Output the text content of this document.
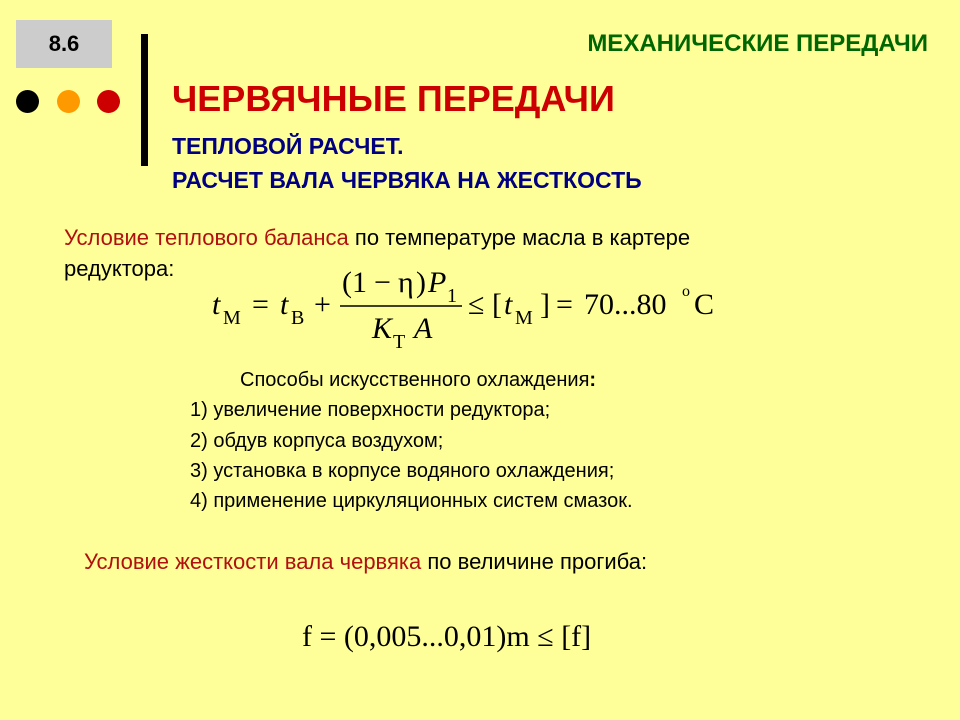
8.6	МЕХАНИЧЕСКИЕ ПЕРЕДАЧИ
ЧЕРВЯЧНЫЕ ПЕРЕДАЧИ
ТЕПЛОВОЙ РАСЧЕТ.
РАСЧЕТ ВАЛА ЧЕРВЯКА НА ЖЕСТКОСТЬ
Условие теплового баланса по температуре масла в картере
редуктора:
t М = t В +
(1 − η ) P 1
K Т A
≤ [ t М ] = 70...80 o C
Способы искусственного охлаждения:
1) увеличение поверхности редуктора;
2) обдув корпуса воздухом;
3) установка в корпусе водяного охлаждения;
4) применение циркуляционных систем смазок.
Условие жесткости вала червяка по величине прогиба:
f = (0,005...0,01)m ≤ [f]
